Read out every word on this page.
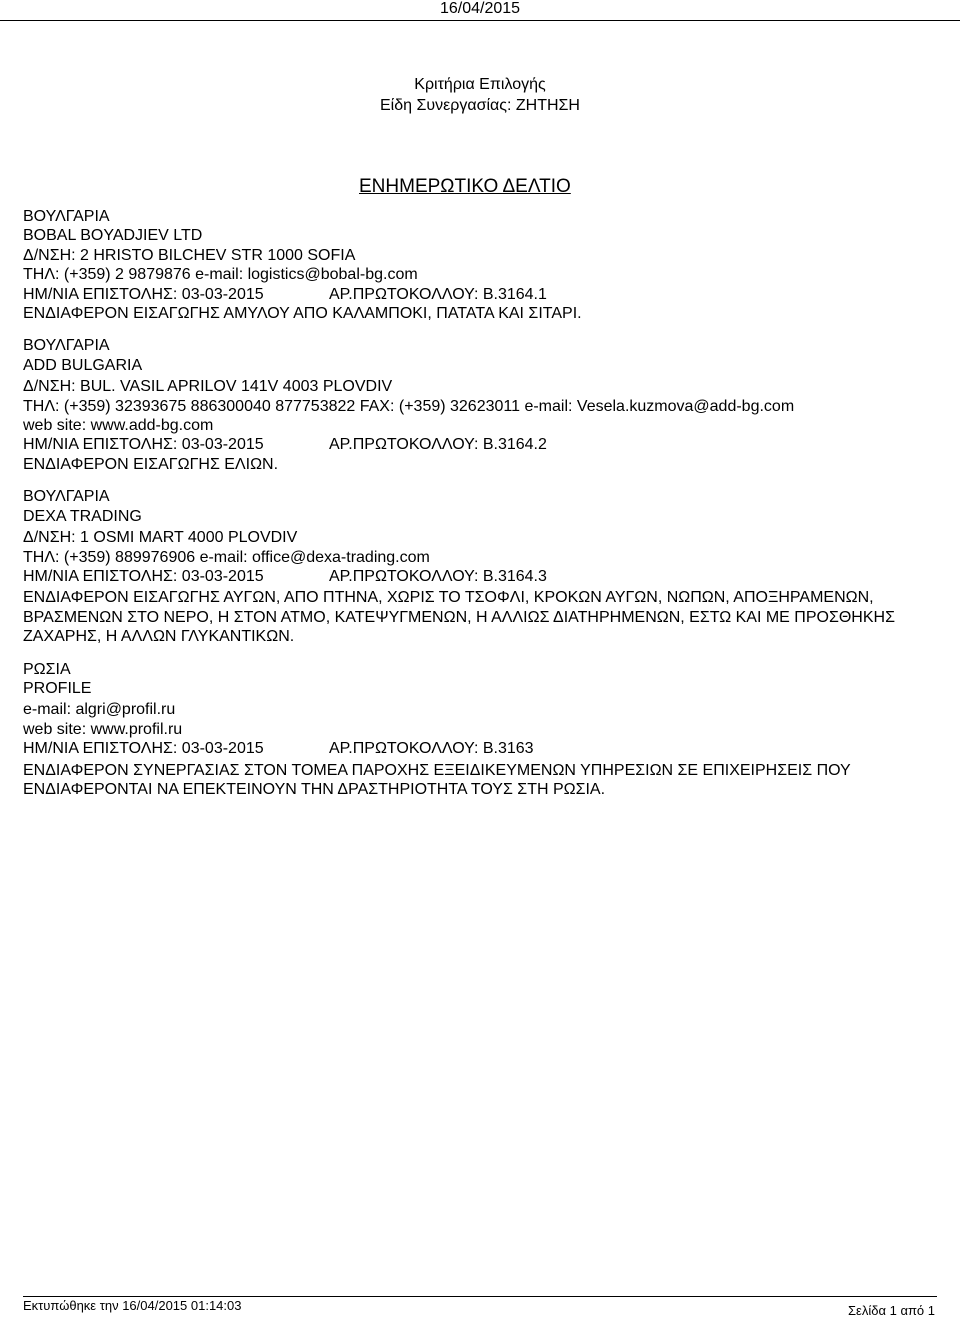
16/04/2015
Κριτήρια Επιλογής
Είδη Συνεργασίας: ΖΗΤΗΣΗ
ΕΝΗΜΕΡΩΤΙΚΟ ΔΕΛΤΙΟ
ΒΟΥΛΓΑΡΙΑ
BOBAL BOYADJIEV LTD
Δ/ΝΣΗ: 2 HRISTO BILCHEV STR 1000 SOFIA
ΤΗΛ: (+359) 2 9879876 e-mail: logistics@bobal-bg.com
ΗΜ/ΝΙΑ ΕΠΙΣΤΟΛΗΣ: 03-03-2015	ΑΡ.ΠΡΩΤΟΚΟΛΛΟΥ: Β.3164.1
ΕΝΔΙΑΦΕΡΟΝ ΕΙΣΑΓΩΓΗΣ ΑΜΥΛΟΥ ΑΠΟ ΚΑΛΑΜΠΟΚΙ, ΠΑΤΑΤΑ ΚΑΙ ΣΙΤΑΡΙ.
ΒΟΥΛΓΑΡΙΑ
ADD BULGARIA
Δ/ΝΣΗ: BUL. VASIL APRILOV 141V 4003 PLOVDIV
ΤΗΛ: (+359) 32393675 886300040 877753822 FAX: (+359) 32623011 e-mail: Vesela.kuzmova@add-bg.com
web site: www.add-bg.com
ΗΜ/ΝΙΑ ΕΠΙΣΤΟΛΗΣ: 03-03-2015	ΑΡ.ΠΡΩΤΟΚΟΛΛΟΥ: Β.3164.2
ΕΝΔΙΑΦΕΡΟΝ ΕΙΣΑΓΩΓΗΣ ΕΛΙΩΝ.
ΒΟΥΛΓΑΡΙΑ
DEXA TRADING
Δ/ΝΣΗ: 1 OSMI MART 4000 PLOVDIV
ΤΗΛ: (+359) 889976906 e-mail: office@dexa-trading.com
ΗΜ/ΝΙΑ ΕΠΙΣΤΟΛΗΣ: 03-03-2015	ΑΡ.ΠΡΩΤΟΚΟΛΛΟΥ: Β.3164.3
ΕΝΔΙΑΦΕΡΟΝ ΕΙΣΑΓΩΓΗΣ ΑΥΓΩΝ, ΑΠΟ ΠΤΗΝΑ, ΧΩΡΙΣ ΤΟ ΤΣΟΦΛΙ, ΚΡΟΚΩΝ ΑΥΓΩΝ, ΝΩΠΩΝ, ΑΠΟΞΗΡΑΜΕΝΩΝ, ΒΡΑΣΜΕΝΩΝ ΣΤΟ ΝΕΡΟ, Η ΣΤΟΝ ΑΤΜΟ, ΚΑΤΕΨΥΓΜΕΝΩΝ, Η ΑΛΛΙΩΣ ΔΙΑΤΗΡΗΜΕΝΩΝ, ΕΣΤΩ ΚΑΙ ΜΕ ΠΡΟΣΘΗΚΗΣ ΖΑΧΑΡΗΣ, Η ΑΛΛΩΝ ΓΛΥΚΑΝΤΙΚΩΝ.
ΡΩΣΙΑ
PROFILE
e-mail: algri@profil.ru
web site: www.profil.ru
ΗΜ/ΝΙΑ ΕΠΙΣΤΟΛΗΣ: 03-03-2015	ΑΡ.ΠΡΩΤΟΚΟΛΛΟΥ: Β.3163
ΕΝΔΙΑΦΕΡΟΝ ΣΥΝΕΡΓΑΣΙΑΣ ΣΤΟΝ ΤΟΜΕΑ ΠΑΡΟΧΗΣ ΕΞΕΙΔΙΚΕΥΜΕΝΩΝ ΥΠΗΡΕΣΙΩΝ ΣΕ ΕΠΙΧΕΙΡΗΣΕΙΣ ΠΟΥ ΕΝΔΙΑΦΕΡΟΝΤΑΙ ΝΑ ΕΠΕΚΤΕΙΝΟΥΝ ΤΗΝ ΔΡΑΣΤΗΡΙΟΤΗΤΑ ΤΟΥΣ ΣΤΗ ΡΩΣΙΑ.
Εκτυπώθηκε την 16/04/2015 01:14:03	Σελίδα 1 από 1
